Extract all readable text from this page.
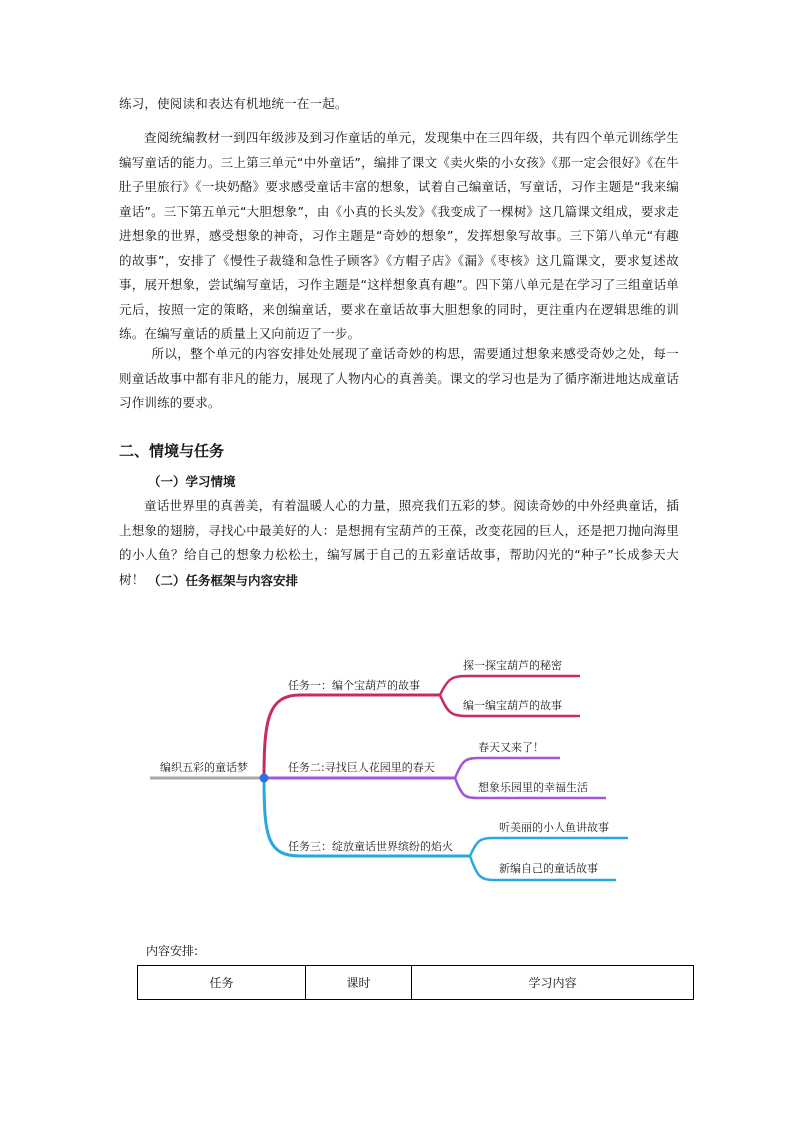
练习，使阅读和表达有机地统一在一起。

查阅统编教材一到四年级涉及到习作童话的单元，发现集中在三四年级，共有四个单元训练学生编写童话的能力。三上第三单元“中外童话”，编排了课文《卖火柴的小女孩》《那一定会很好》《在牛肚子里旅行》《一块奶酪》要求感受童话丰富的想象，试着自己编童话，写童话，习作主题是“我来编童话”。三下第五单元“大胆想象”，由《小真的长头发》《我变成了一棵树》这几篇课文组成，要求走进想象的世界，感受想象的神奇，习作主题是“奇妙的想象”，发挥想象写故事。三下第八单元“有趣的故事”，安排了《慢性子裁缝和急性子顾客》《方帽子店》《漏》《枣核》这几篇课文，要求复述故事，展开想象，尝试编写童话，习作主题是“这样想象真有趣”。四下第八单元是在学习了三组童话单元后，按照一定的策略，来创编童话，要求在童话故事大胆想象的同时，更注重内在逻辑思维的训练。在编写童话的质量上又向前迈了一步。

所以，整个单元的内容安排处处展现了童话奇妙的构思，需要通过想象来感受奇妙之处，每一则童话故事中都有非凡的能力，展现了人物内心的真善美。课文的学习也是为了循序渐进地达成童话习作训练的要求。

二、情境与任务
（一）学习情境

童话世界里的真善美，有着温暖人心的力量，照亮我们五彩的梦。阅读奇妙的中外经典童话，插上想象的翅膀，寻找心中最美好的人：是想拥有宝葫芦的王葆，改变花园的巨人，还是把刀抛向海里的小人鱼？给自己的想象力松松土，编写属于自己的五彩童话故事，帮助闪光的“种子”长成参天大树！ （二）任务框架与内容安排
编织五彩的童话梦
任务一：编个宝葫芦的故事
探一探宝葫芦的秘密
编一编宝葫芦的故事
任务二:寻找巨人花园里的春天
春天又来了！
想象乐园里的幸福生活
任务三：绽放童话世界缤纷的焰火
听美丽的小人鱼讲故事
新编自己的童话故事
内容安排:
任务	课时	学习内容
